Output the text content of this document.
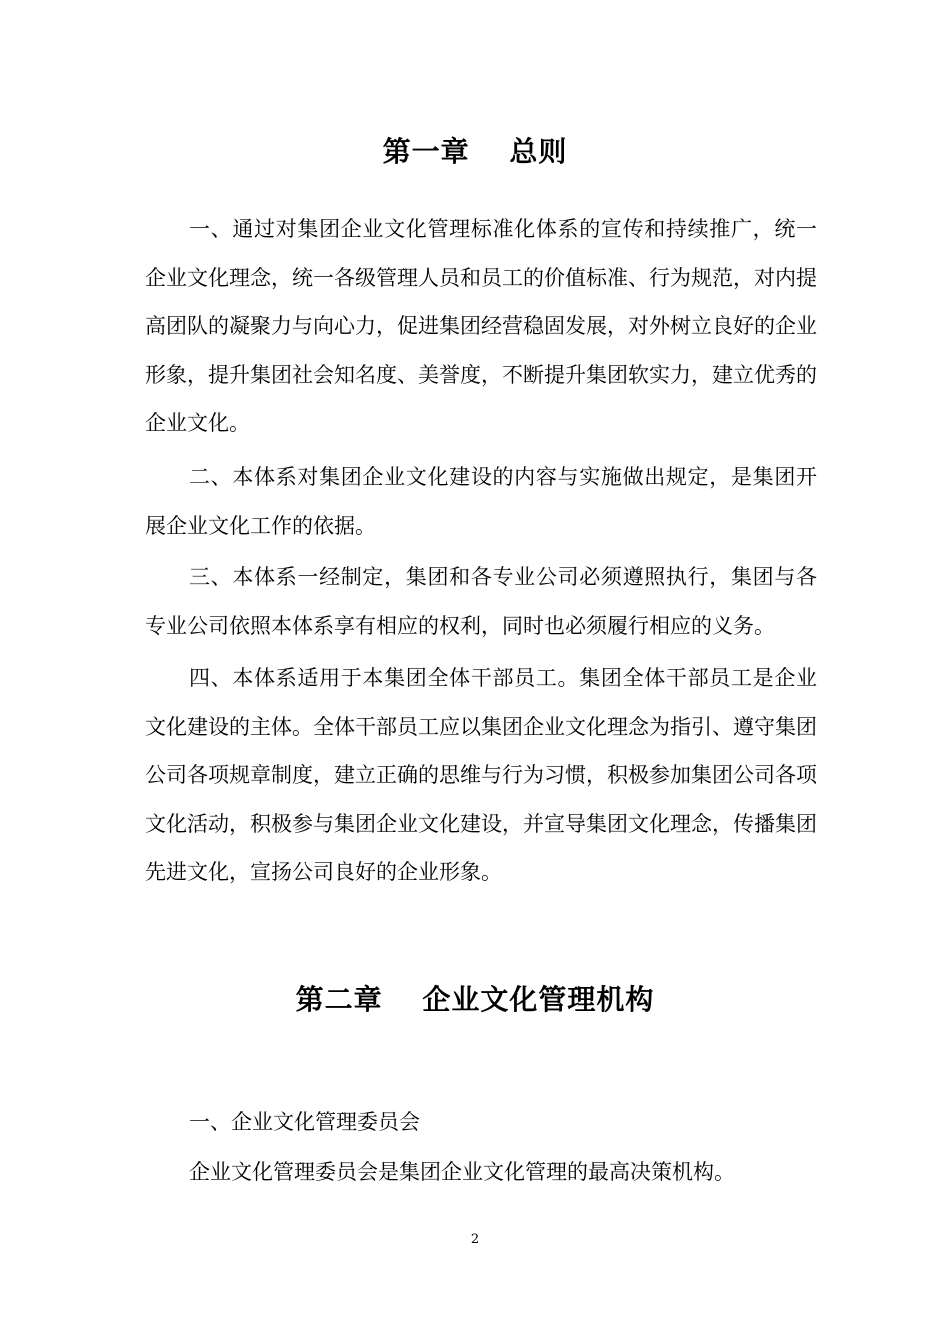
第一章　 总则

一、通过对集团企业文化管理标准化体系的宣传和持续推广，统一企业文化理念，统一各级管理人员和员工的价值标准、行为规范，对内提高团队的凝聚力与向心力，促进集团经营稳固发展，对外树立良好的企业形象，提升集团社会知名度、美誉度，不断提升集团软实力，建立优秀的企业文化。

二、本体系对集团企业文化建设的内容与实施做出规定，是集团开展企业文化工作的依据。

三、本体系一经制定，集团和各专业公司必须遵照执行，集团与各专业公司依照本体系享有相应的权利，同时也必须履行相应的义务。

四、本体系适用于本集团全体干部员工。集团全体干部员工是企业文化建设的主体。全体干部员工应以集团企业文化理念为指引、遵守集团公司各项规章制度，建立正确的思维与行为习惯，积极参加集团公司各项文化活动，积极参与集团企业文化建设，并宣导集团文化理念，传播集团先进文化，宣扬公司良好的企业形象。

第二章　 企业文化管理机构

一、企业文化管理委员会

企业文化管理委员会是集团企业文化管理的最高决策机构。

2
